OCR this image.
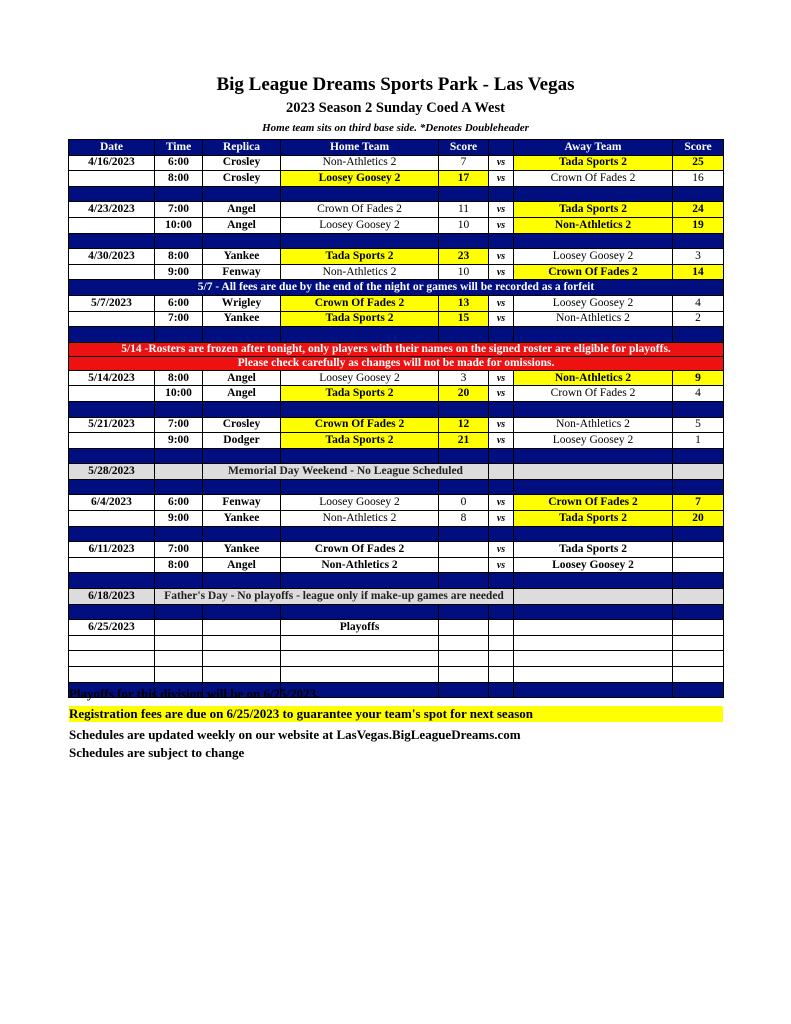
Big League Dreams Sports Park - Las Vegas
2023 Season 2 Sunday Coed A West
Home team sits on third base side. *Denotes Doubleheader
Date	Time	Replica	Home Team	Score		Away Team	Score
4/16/2023	6:00	Crosley	Non-Athletics 2	7	vs	Tada Sports 2	25
	8:00	Crosley	Loosey Goosey 2	17	vs	Crown Of Fades 2	16

4/23/2023	7:00	Angel	Crown Of Fades 2	11	vs	Tada Sports 2	24
	10:00	Angel	Loosey Goosey 2	10	vs	Non-Athletics 2	19

4/30/2023	8:00	Yankee	Tada Sports 2	23	vs	Loosey Goosey 2	3
	9:00	Fenway	Non-Athletics 2	10	vs	Crown Of Fades 2	14
5/7 - All fees are due by the end of the night or games will be recorded as a forfeit							
5/7/2023	6:00	Wrigley	Crown Of Fades 2	13	vs	Loosey Goosey 2	4
	7:00	Yankee	Tada Sports 2	15	vs	Non-Athletics 2	2

5/14 -Rosters are frozen after tonight, only players with their names on the signed roster are eligible for playoffs.							
Please check carefully as changes will not be made for omissions.							
5/14/2023	8:00	Angel	Loosey Goosey 2	3	vs	Non-Athletics 2	9
	10:00	Angel	Tada Sports 2	20	vs	Crown Of Fades 2	4

5/21/2023	7:00	Crosley	Crown Of Fades 2	12	vs	Non-Athletics 2	5
	9:00	Dodger	Tada Sports 2	21	vs	Loosey Goosey 2	1

5/28/2023		Memorial Day Weekend - No League Scheduled					

6/4/2023	6:00	Fenway	Loosey Goosey 2	0	vs	Crown Of Fades 2	7
	9:00	Yankee	Non-Athletics 2	8	vs	Tada Sports 2	20

6/11/2023	7:00	Yankee	Crown Of Fades 2		vs	Tada Sports 2	
	8:00	Angel	Non-Athletics 2		vs	Loosey Goosey 2	

6/18/2023	Father's Day - No playoffs - league only if make-up games are needed						

6/25/2023			Playoffs				

Playoffs for this division will be on 6/25/2023.
Registration fees are due on 6/25/2023 to guarantee your team's spot for next season
Schedules are updated weekly on our website at LasVegas.BigLeagueDreams.com
Schedules are subject to change
